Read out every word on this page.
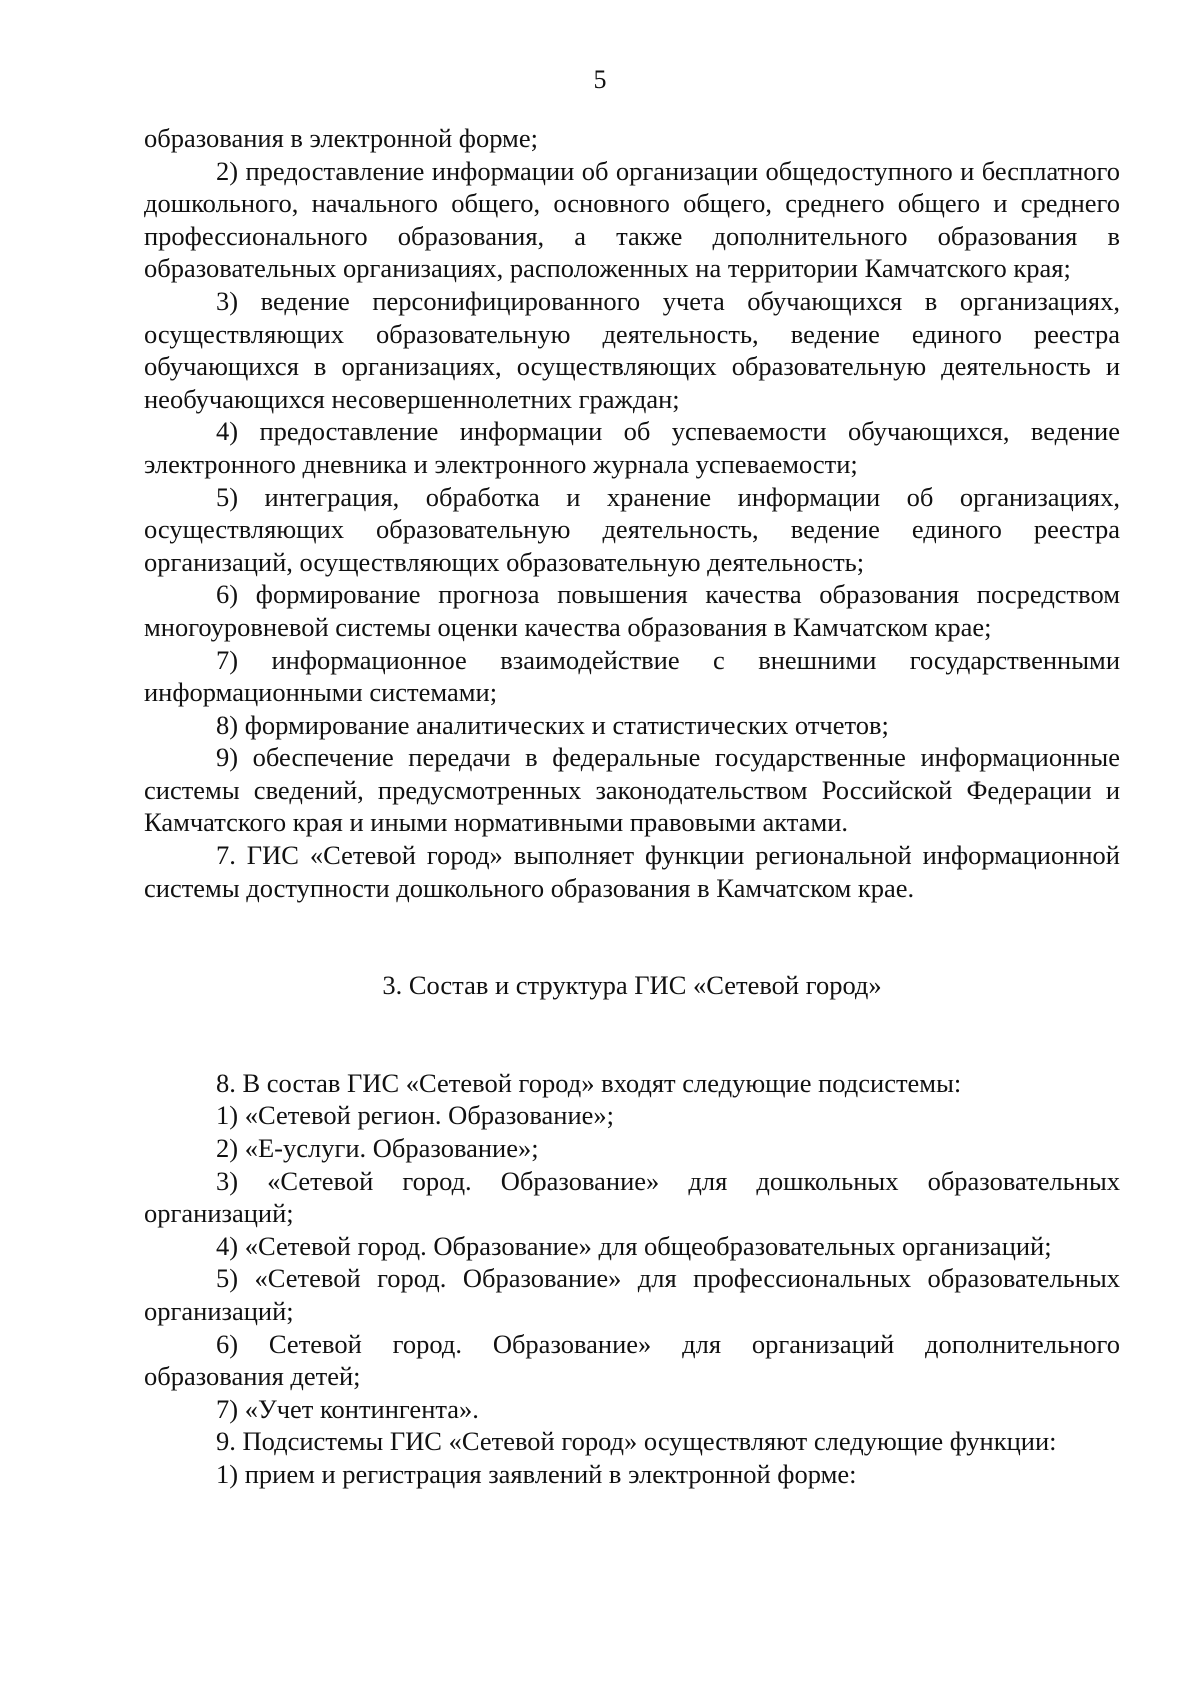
5

образования в электронной форме;

2) предоставление информации об организации общедоступного и бесплатного дошкольного, начального общего, основного общего, среднего общего и среднего профессионального образования, а также дополнительного образования в образовательных организациях, расположенных на территории Камчатского края;

3) ведение персонифицированного учета обучающихся в организациях, осуществляющих образовательную деятельность, ведение единого реестра обучающихся в организациях, осуществляющих образовательную деятельность и необучающихся несовершеннолетних граждан;

4) предоставление информации об успеваемости обучающихся, ведение электронного дневника и электронного журнала успеваемости;

5) интеграция, обработка и хранение информации об организациях, осуществляющих образовательную деятельность, ведение единого реестра организаций, осуществляющих образовательную деятельность;

6) формирование прогноза повышения качества образования посредством многоуровневой системы оценки качества образования в Камчатском крае;

7) информационное взаимодействие с внешними государственными информационными системами;

8) формирование аналитических и статистических отчетов;

9) обеспечение передачи в федеральные государственные информационные системы сведений, предусмотренных законодательством Российской Федерации и Камчатского края и иными нормативными правовыми актами.

7. ГИС «Сетевой город» выполняет функции региональной информационной системы доступности дошкольного образования в Камчатском крае.

3. Состав и структура ГИС «Сетевой город»

8. В состав ГИС «Сетевой город» входят следующие подсистемы:

1) «Сетевой регион. Образование»;

2) «Е-услуги. Образование»;

3) «Сетевой город. Образование» для дошкольных образовательных организаций;

4) «Сетевой город. Образование» для общеобразовательных организаций;

5) «Сетевой город. Образование» для профессиональных образовательных организаций;

6) Сетевой город. Образование» для организаций дополнительного образования детей;

7) «Учет контингента».

9. Подсистемы ГИС «Сетевой город» осуществляют следующие функции:

1) прием и регистрация заявлений в электронной форме:
